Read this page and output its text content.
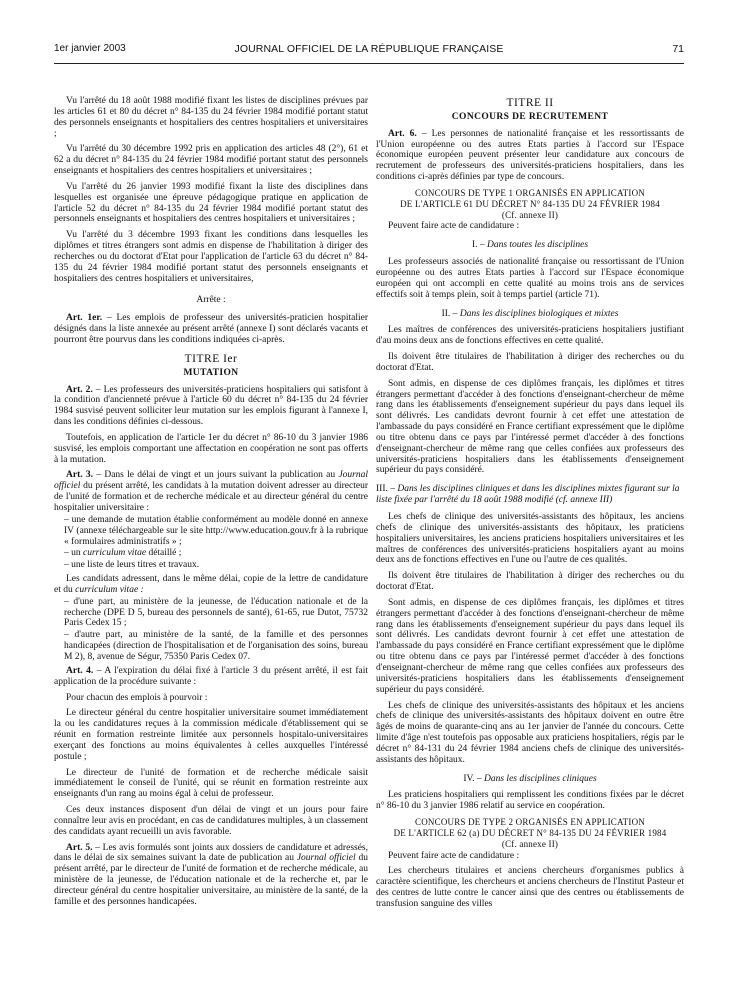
1er janvier 2003	JOURNAL OFFICIEL DE LA RÉPUBLIQUE FRANÇAISE	71

Vu l'arrêté du 18 août 1988 modifié fixant les listes de disciplines prévues par les articles 61 et 80 du décret n° 84-135 du 24 février 1984 modifié portant statut des personnels enseignants et hospitaliers des centres hospitaliers et universitaires ;

Vu l'arrêté du 30 décembre 1992 pris en application des articles 48 (2°), 61 et 62 a du décret n° 84-135 du 24 février 1984 modifié portant statut des personnels enseignants et hospitaliers des centres hospitaliers et universitaires ;

Vu l'arrêté du 26 janvier 1993 modifié fixant la liste des disciplines dans lesquelles est organisée une épreuve pédagogique pratique en application de l'article 52 du décret n° 84-135 du 24 février 1984 modifié portant statut des personnels enseignants et hospitaliers des centres hospitaliers et universitaires ;

Vu l'arrêté du 3 décembre 1993 fixant les conditions dans lesquelles les diplômes et titres étrangers sont admis en dispense de l'habilitation à diriger des recherches ou du doctorat d'Etat pour l'application de l'article 63 du décret n° 84-135 du 24 février 1984 modifié portant statut des personnels enseignants et hospitaliers des centres hospitaliers et universitaires,

Arrête :

Art. 1er. – Les emplois de professeur des universités-praticien hospitalier désignés dans la liste annexée au présent arrêté (annexe I) sont déclarés vacants et pourront être pourvus dans les conditions indiquées ci-après.

TITRE Ier
MUTATION

Art. 2. – Les professeurs des universités-praticiens hospitaliers qui satisfont à la condition d'ancienneté prévue à l'article 60 du décret n° 84-135 du 24 février 1984 susvisé peuvent solliciter leur mutation sur les emplois figurant à l'annexe I, dans les conditions définies ci-dessous.

Toutefois, en application de l'article 1er du décret n° 86-10 du 3 janvier 1986 susvisé, les emplois comportant une affectation en coopération ne sont pas offerts à la mutation.

Art. 3. – Dans le délai de vingt et un jours suivant la publication au Journal officiel du présent arrêté, les candidats à la mutation doivent adresser au directeur de l'unité de formation et de recherche médicale et au directeur général du centre hospitalier universitaire :

– une demande de mutation établie conformément au modèle donné en annexe IV (annexe téléchargeable sur le site http://www.education.gouv.fr à la rubrique « formulaires administratifs » ;
– un curriculum vitae détaillé ;
– une liste de leurs titres et travaux.

Les candidats adressent, dans le même délai, copie de la lettre de candidature et du curriculum vitae :

– d'une part, au ministère de la jeunesse, de l'éducation nationale et de la recherche (DPE D 5, bureau des personnels de santé), 61-65, rue Dutot, 75732 Paris Cedex 15 ;
– d'autre part, au ministère de la santé, de la famille et des personnes handicapées (direction de l'hospitalisation et de l'organisation des soins, bureau M 2), 8, avenue de Ségur, 75350 Paris Cedex 07.

Art. 4. – A l'expiration du délai fixé à l'article 3 du présent arrêté, il est fait application de la procédure suivante :

Pour chacun des emplois à pourvoir :

Le directeur général du centre hospitalier universitaire soumet immédiatement la ou les candidatures reçues à la commission médicale d'établissement qui se réunit en formation restreinte limitée aux personnels hospitalo-universitaires exerçant des fonctions au moins équivalentes à celles auxquelles l'intéressé postule ;

Le directeur de l'unité de formation et de recherche médicale saisit immédiatement le conseil de l'unité, qui se réunit en formation restreinte aux enseignants d'un rang au moins égal à celui de professeur.

Ces deux instances disposent d'un délai de vingt et un jours pour faire connaître leur avis en procédant, en cas de candidatures multiples, à un classement des candidats ayant recueilli un avis favorable.

Art. 5. – Les avis formulés sont joints aux dossiers de candidature et adressés, dans le délai de six semaines suivant la date de publication au Journal officiel du présent arrêté, par le directeur de l'unité de formation et de recherche médicale, au ministère de la jeunesse, de l'éducation nationale et de la recherche et, par le directeur général du centre hospitalier universitaire, au ministère de la santé, de la famille et des personnes handicapées.

TITRE II
CONCOURS DE RECRUTEMENT

Art. 6. – Les personnes de nationalité française et les ressortissants de l'Union européenne ou des autres Etats parties à l'accord sur l'Espace économique européen peuvent présenter leur candidature aux concours de recrutement de professeurs des universités-praticiens hospitaliers, dans les conditions ci-après définies par type de concours.

CONCOURS DE TYPE 1 ORGANISÉS EN APPLICATION
DE L'ARTICLE 61 DU DÉCRET N° 84-135 DU 24 FÉVRIER 1984
(Cf. annexe II)

Peuvent faire acte de candidature :

I. – Dans toutes les disciplines

Les professeurs associés de nationalité française ou ressortissant de l'Union européenne ou des autres Etats parties à l'accord sur l'Espace économique européen qui ont accompli en cette qualité au moins trois ans de services effectifs soit à temps plein, soit à temps partiel (article 71).

II. – Dans les disciplines biologiques et mixtes

Les maîtres de conférences des universités-praticiens hospitaliers justifiant d'au moins deux ans de fonctions effectives en cette qualité.

Ils doivent être titulaires de l'habilitation à diriger des recherches ou du doctorat d'Etat.

Sont admis, en dispense de ces diplômes français, les diplômes et titres étrangers permettant d'accéder à des fonctions d'enseignant-chercheur de même rang dans les établissements d'enseignement supérieur du pays dans lequel ils sont délivrés. Les candidats devront fournir à cet effet une attestation de l'ambassade du pays considéré en France certifiant expressément que le diplôme ou titre obtenu dans ce pays par l'intéressé permet d'accéder à des fonctions d'enseignant-chercheur de même rang que celles confiées aux professeurs des universités-praticiens hospitaliers dans les établissements d'enseignement supérieur du pays considéré.

III. – Dans les disciplines cliniques et dans les disciplines mixtes figurant sur la liste fixée par l'arrêté du 18 août 1988 modifié (cf. annexe III)

Les chefs de clinique des universités-assistants des hôpitaux, les anciens chefs de clinique des universités-assistants des hôpitaux, les praticiens hospitaliers universitaires, les anciens praticiens hospitaliers universitaires et les maîtres de conférences des universités-praticiens hospitaliers ayant au moins deux ans de fonctions effectives en l'une ou l'autre de ces qualités.

Ils doivent être titulaires de l'habilitation à diriger des recherches ou du doctorat d'Etat.

Sont admis, en dispense de ces diplômes français, les diplômes et titres étrangers permettant d'accéder à des fonctions d'enseignant-chercheur de même rang dans les établissements d'enseignement supérieur du pays dans lequel ils sont délivrés. Les candidats devront fournir à cet effet une attestation de l'ambassade du pays considéré en France certifiant expressément que le diplôme ou titre obtenu dans ce pays par l'intéressé permet d'accéder à des fonctions d'enseignant-chercheur de même rang que celles confiées aux professeurs des universités-praticiens hospitaliers dans les établissements d'enseignement supérieur du pays considéré.

Les chefs de clinique des universités-assistants des hôpitaux et les anciens chefs de clinique des universités-assistants des hôpitaux doivent en outre être âgés de moins de quarante-cinq ans au 1er janvier de l'année du concours. Cette limite d'âge n'est toutefois pas opposable aux praticiens hospitaliers, régis par le décret n° 84-131 du 24 février 1984 anciens chefs de clinique des universités-assistants des hôpitaux.

IV. – Dans les disciplines cliniques

Les praticiens hospitaliers qui remplissent les conditions fixées par le décret n° 86-10 du 3 janvier 1986 relatif au service en coopération.

CONCOURS DE TYPE 2 ORGANISÉS EN APPLICATION
DE L'ARTICLE 62 (a) DU DÉCRET N° 84-135 DU 24 FÉVRIER 1984
(Cf. annexe II)

Peuvent faire acte de candidature :

Les chercheurs titulaires et anciens chercheurs d'organismes publics à caractère scientifique, les chercheurs et anciens chercheurs de l'Institut Pasteur et des centres de lutte contre le cancer ainsi que des centres ou établissements de transfusion sanguine des villes
